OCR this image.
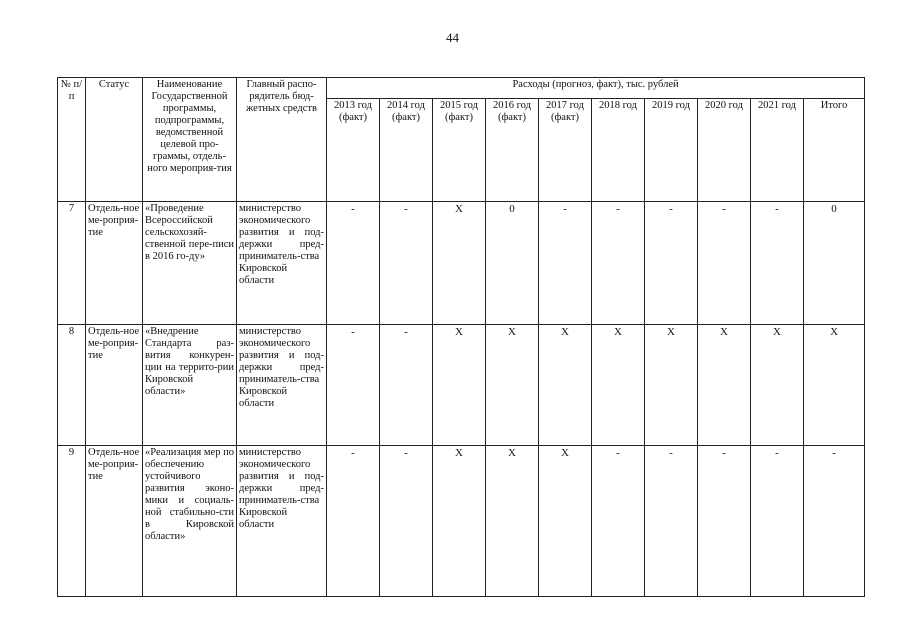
44
№ п/п	Статус	Наименование Государственной программы, подпрограммы, ведомственной целевой про-граммы, отдель-ного мероприя-тия	Главный распо-рядитель бюд-жетных средств	Расходы (прогноз, факт), тыс. рублей									
				2013 год (факт)	2014 год (факт)	2015 год (факт)	2016 год (факт)	2017 год (факт)	2018 год	2019 год	2020 год	2021 год	Итого
7	Отдель-ное ме-роприя-тие	«Проведение Всероссийской сельскохозяй-ственной пере-писи в 2016 го-ду»	министерство экономического развития и под-держки пред-приниматель-ства Кировской области	-	-	X	0	-	-	-	-	-	0
8	Отдель-ное ме-роприя-тие	«Внедрение Стандарта раз-вития конкурен-ции на террито-рии Кировской области»	министерство экономического развития и под-держки пред-приниматель-ства Кировской области	-	-	X	X	X	X	X	X	X	X
9	Отдель-ное ме-роприя-тие	«Реализация мер по обеспечению устойчивого развития эконо-мики и социаль-ной стабильно-сти в Кировской области»	министерство экономического развития и под-держки пред-приниматель-ства Кировской области	-	-	X	X	X	-	-	-	-	-
